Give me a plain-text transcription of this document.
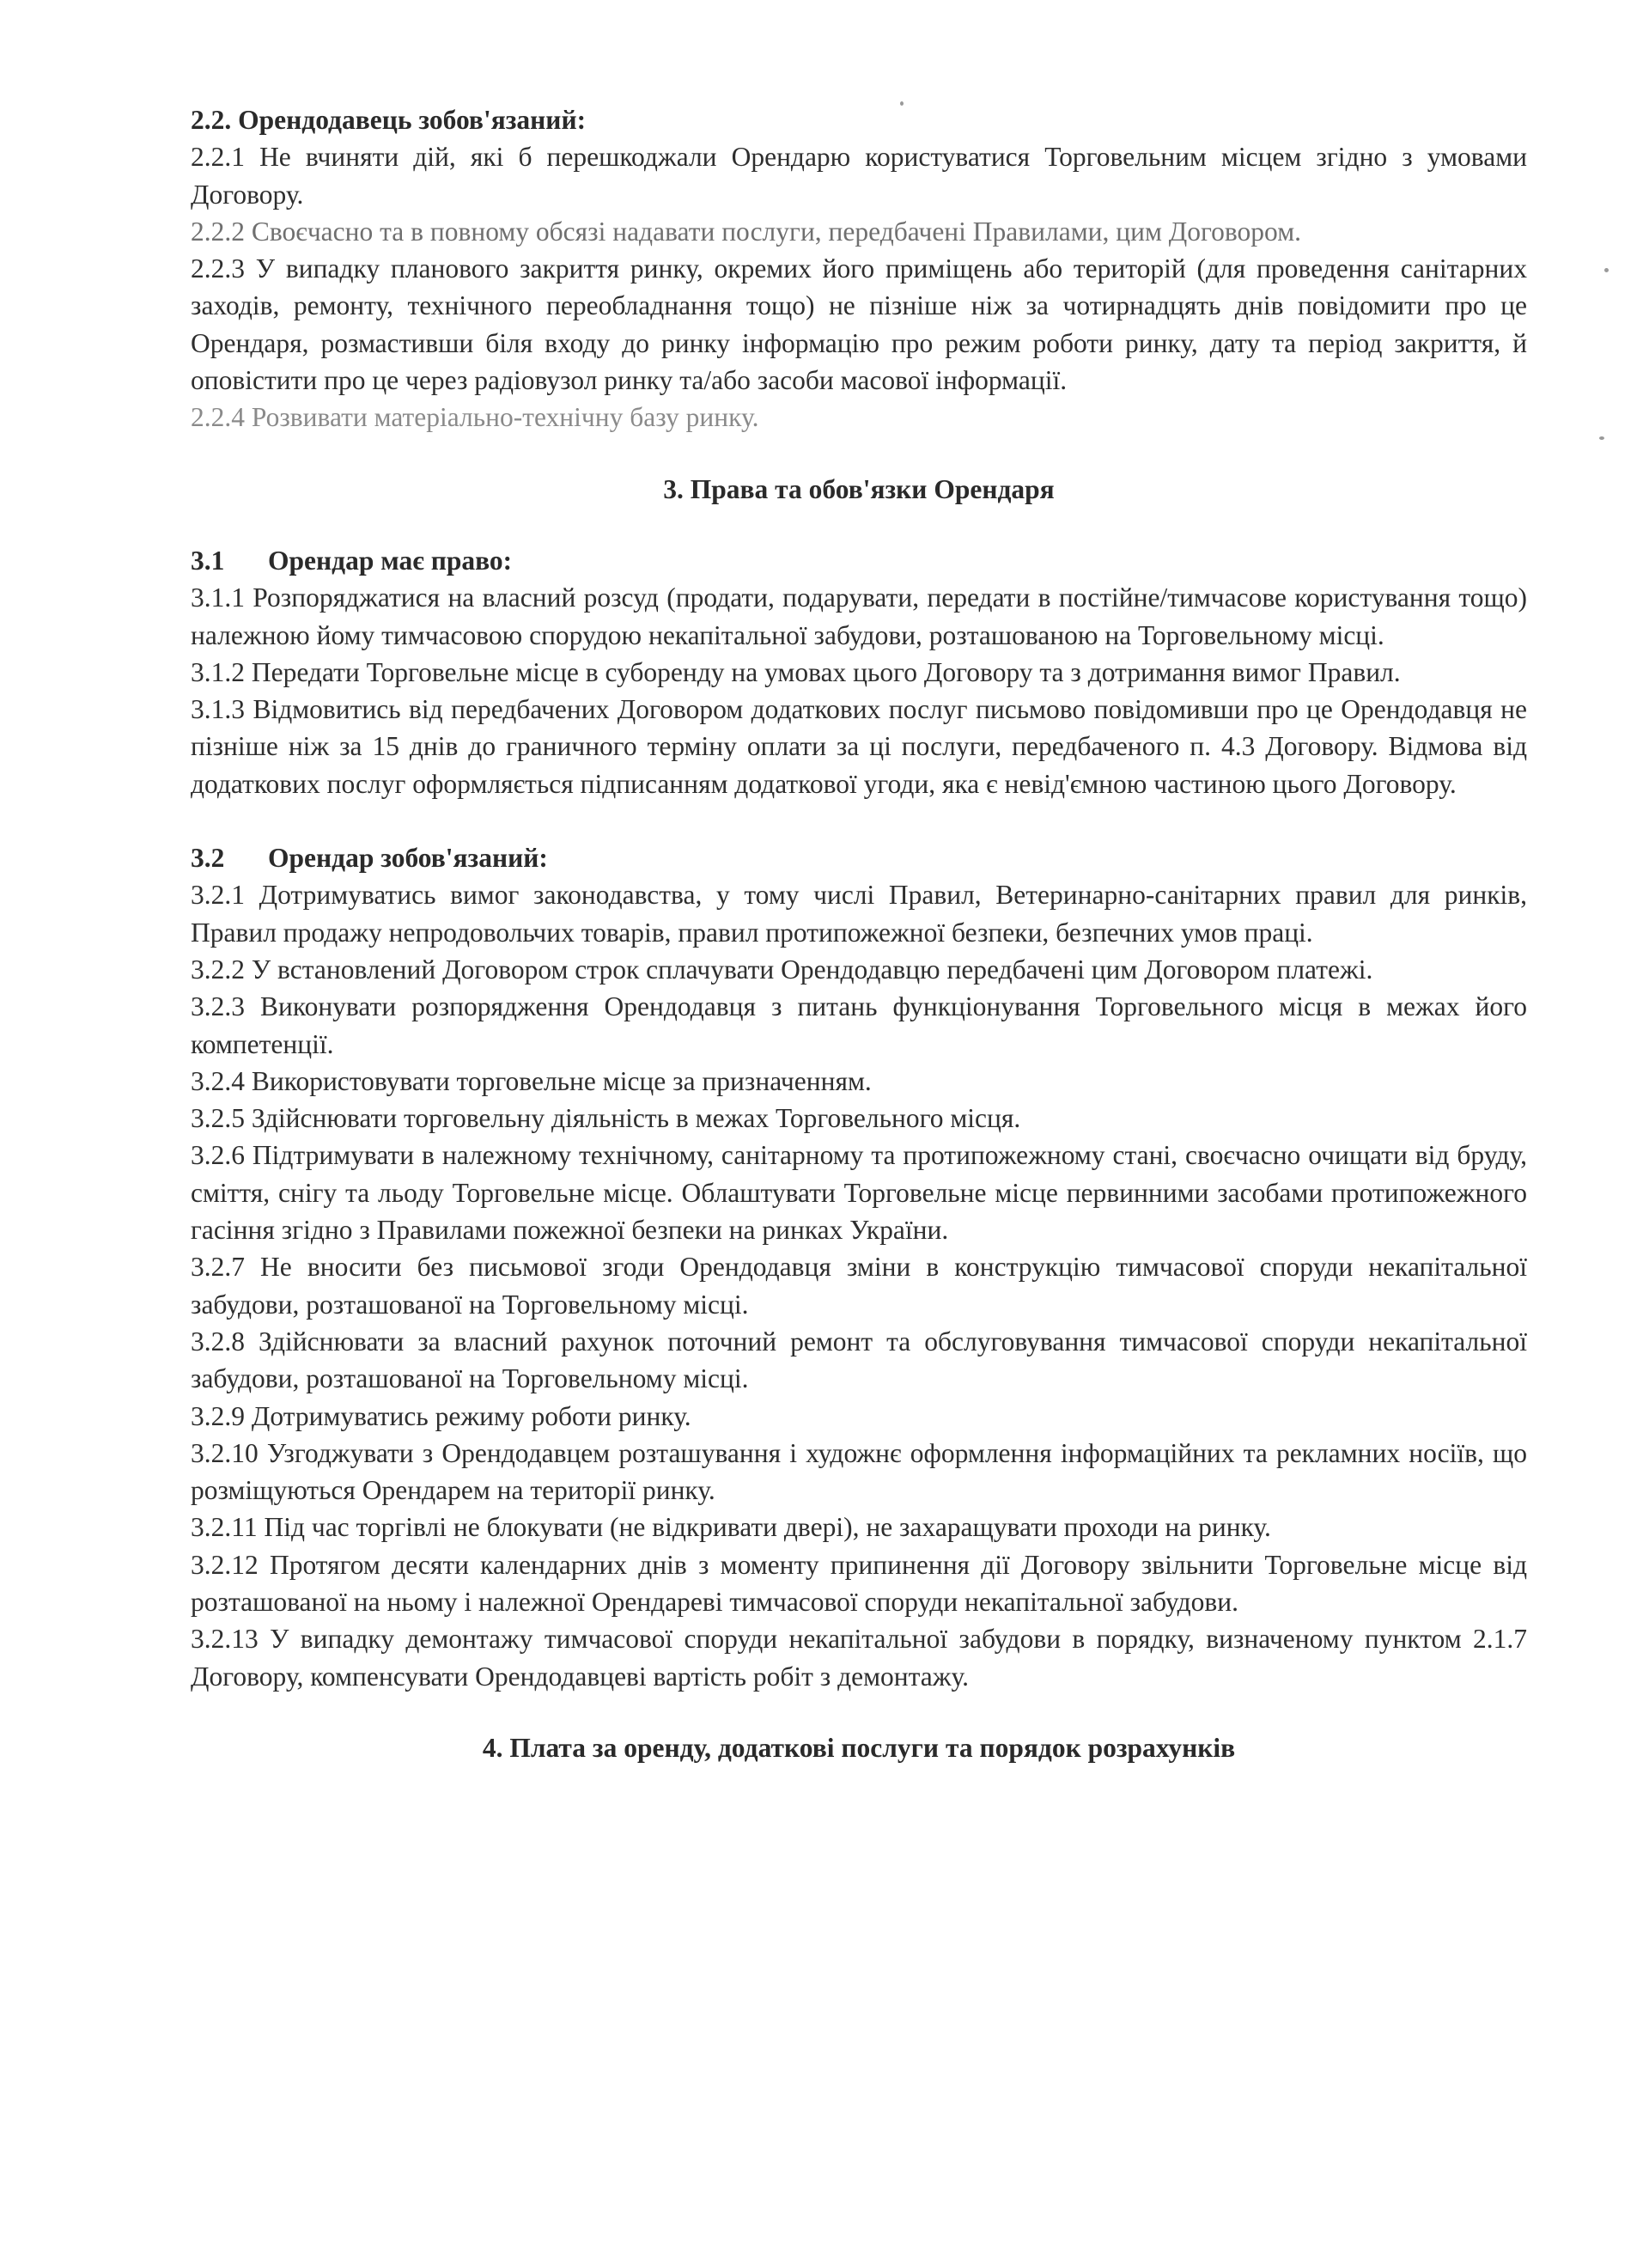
2.2. Орендодавець зобов'язаний:

2.2.1 Не вчиняти дій, які б перешкоджали Орендарю користуватися Торговельним місцем згідно з умовами Договору.

2.2.2 Своєчасно та в повному обсязі надавати послуги, передбачені Правилами, цим Договором.

2.2.3 У випадку планового закриття ринку, окремих його приміщень або територій (для проведення санітарних заходів, ремонту, технічного переобладнання тощо) не пізніше ніж за чотирнадцять днів повідомити про це Орендаря, розмастивши біля входу до ринку інформацію про режим роботи ринку, дату та період закриття, й оповістити про це через радіовузол ринку та/або засоби масової інформації.

2.2.4 Розвивати матеріально-технічну базу ринку.

3. Права та обов'язки Орендаря

3.1 Орендар має право:

3.1.1 Розпоряджатися на власний розсуд (продати, подарувати, передати в постійне/тимчасове користування тощо) належною йому тимчасовою спорудою некапітальної забудови, розташованою на Торговельному місці.

3.1.2 Передати Торговельне місце в суборенду на умовах цього Договору та з дотримання вимог Правил.

3.1.3 Відмовитись від передбачених Договором додаткових послуг письмово повідомивши про це Орендодавця не пізніше ніж за 15 днів до граничного терміну оплати за ці послуги, передбаченого п. 4.3 Договору. Відмова від додаткових послуг оформляється підписанням додаткової угоди, яка є невід'ємною частиною цього Договору.

3.2 Орендар зобов'язаний:

3.2.1 Дотримуватись вимог законодавства, у тому числі Правил, Ветеринарно-санітарних правил для ринків, Правил продажу непродовольчих товарів, правил протипожежної безпеки, безпечних умов праці.

3.2.2 У встановлений Договором строк сплачувати Орендодавцю передбачені цим Договором платежі.

3.2.3 Виконувати розпорядження Орендодавця з питань функціонування Торговельного місця в межах його компетенції.

3.2.4 Використовувати торговельне місце за призначенням.

3.2.5 Здійснювати торговельну діяльність в межах Торговельного місця.

3.2.6 Підтримувати в належному технічному, санітарному та протипожежному стані, своєчасно очищати від бруду, сміття, снігу та льоду Торговельне місце. Облаштувати Торговельне місце первинними засобами протипожежного гасіння згідно з Правилами пожежної безпеки на ринках України.

3.2.7 Не вносити без письмової згоди Орендодавця зміни в конструкцію тимчасової споруди некапітальної забудови, розташованої на Торговельному місці.

3.2.8 Здійснювати за власний рахунок поточний ремонт та обслуговування тимчасової споруди некапітальної забудови, розташованої на Торговельному місці.

3.2.9 Дотримуватись режиму роботи ринку.

3.2.10 Узгоджувати з Орендодавцем розташування і художнє оформлення інформаційних та рекламних носіїв, що розміщуються Орендарем на території ринку.

3.2.11 Під час торгівлі не блокувати (не відкривати двері), не захаращувати проходи на ринку.

3.2.12 Протягом десяти календарних днів з моменту припинення дії Договору звільнити Торговельне місце від розташованої на ньому і належної Орендареві тимчасової споруди некапітальної забудови.

3.2.13 У випадку демонтажу тимчасової споруди некапітальної забудови в порядку, визначеному пунктом 2.1.7 Договору, компенсувати Орендодавцеві вартість робіт з демонтажу.

4. Плата за оренду, додаткові послуги та порядок розрахунків
